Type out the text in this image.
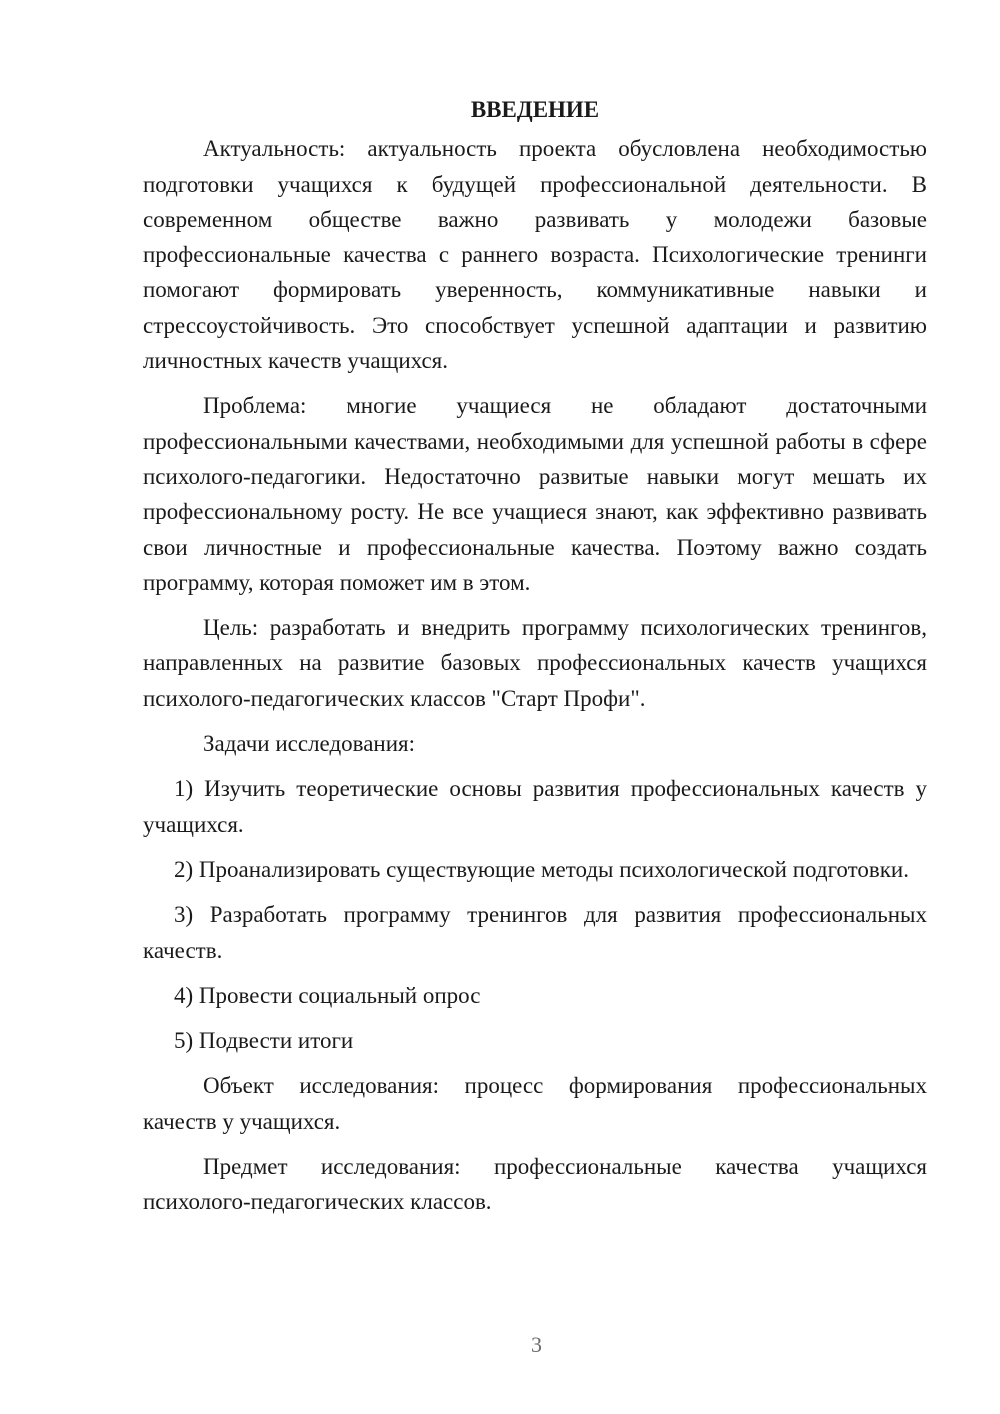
ВВЕДЕНИЕ

Актуальность: актуальность проекта обусловлена необходимостью подготовки учащихся к будущей профессиональной деятельности. В современном обществе важно развивать у молодежи базовые профессиональные качества с раннего возраста. Психологические тренинги помогают формировать уверенность, коммуникативные навыки и стрессоустойчивость. Это способствует успешной адаптации и развитию личностных качеств учащихся.

Проблема: многие учащиеся не обладают достаточными профессиональными качествами, необходимыми для успешной работы в сфере психолого-педагогики. Недостаточно развитые навыки могут мешать их профессиональному росту. Не все учащиеся знают, как эффективно развивать свои личностные и профессиональные качества. Поэтому важно создать программу, которая поможет им в этом.

Цель: разработать и внедрить программу психологических тренингов, направленных на развитие базовых профессиональных качеств учащихся психолого-педагогических классов "Старт Профи".

Задачи исследования:

1) Изучить теоретические основы развития профессиональных качеств у учащихся.

2) Проанализировать существующие методы психологической подготовки.

3) Разработать программу тренингов для развития профессиональных качеств.

4) Провести социальный опрос

5) Подвести итоги

Объект исследования: процесс формирования профессиональных качеств у учащихся.

Предмет исследования: профессиональные качества учащихся психолого-педагогических классов.

3
